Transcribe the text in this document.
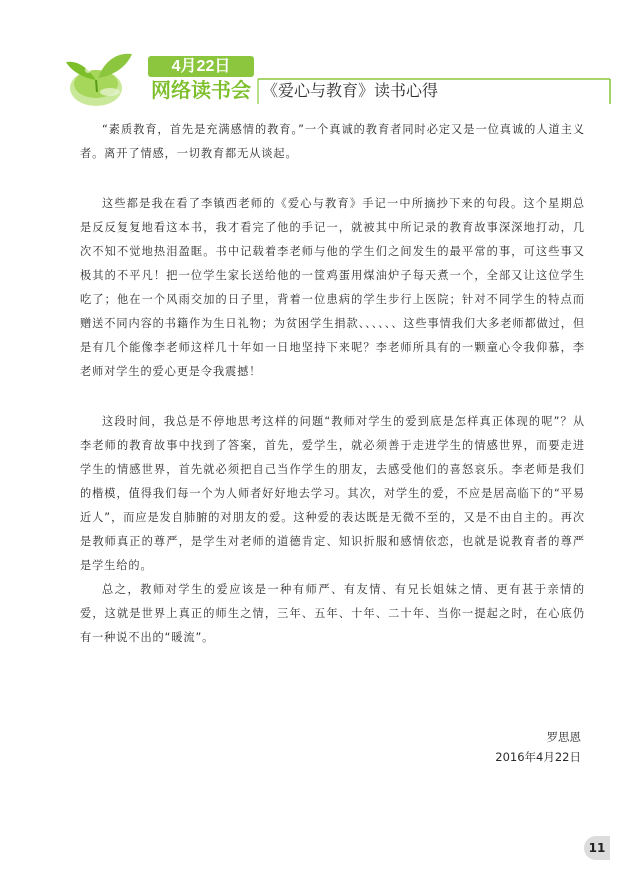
4月22日
网络读书会 《爱心与教育》读书心得

“素质教育，首先是充满感情的教育。”一个真诚的教育者同时必定又是一位真诚的人道主义者。离开了情感，一切教育都无从谈起。

这些都是我在看了李镇西老师的《爱心与教育》手记一中所摘抄下来的句段。这个星期总是反反复复地看这本书，我才看完了他的手记一，就被其中所记录的教育故事深深地打动，几次不知不觉地热泪盈眶。书中记载着李老师与他的学生们之间发生的最平常的事，可这些事又极其的不平凡！把一位学生家长送给他的一筐鸡蛋用煤油炉子每天煮一个，全部又让这位学生吃了；他在一个风雨交加的日子里，背着一位患病的学生步行上医院；针对不同学生的特点而赠送不同内容的书籍作为生日礼物；为贫困学生捐款、、、、、、这些事情我们大多老师都做过，但是有几个能像李老师这样几十年如一日地坚持下来呢？李老师所具有的一颗童心令我仰慕，李老师对学生的爱心更是令我震撼！

这段时间，我总是不停地思考这样的问题“教师对学生的爱到底是怎样真正体现的呢”？从李老师的教育故事中找到了答案，首先，爱学生，就必须善于走进学生的情感世界，而要走进学生的情感世界，首先就必须把自己当作学生的朋友，去感受他们的喜怒哀乐。李老师是我们的楷模，值得我们每一个为人师者好好地去学习。其次，对学生的爱，不应是居高临下的“平易近人”，而应是发自肺腑的对朋友的爱。这种爱的表达既是无微不至的，又是不由自主的。再次是教师真正的尊严，是学生对老师的道德肯定、知识折服和感情依恋，也就是说教育者的尊严是学生给的。

总之，教师对学生的爱应该是一种有师严、有友情、有兄长姐妹之情、更有甚于亲情的爱，这就是世界上真正的师生之情，三年、五年、十年、二十年、当你一提起之时，在心底仍有一种说不出的“暖流”。

罗思恩
2016年4月22日
11
